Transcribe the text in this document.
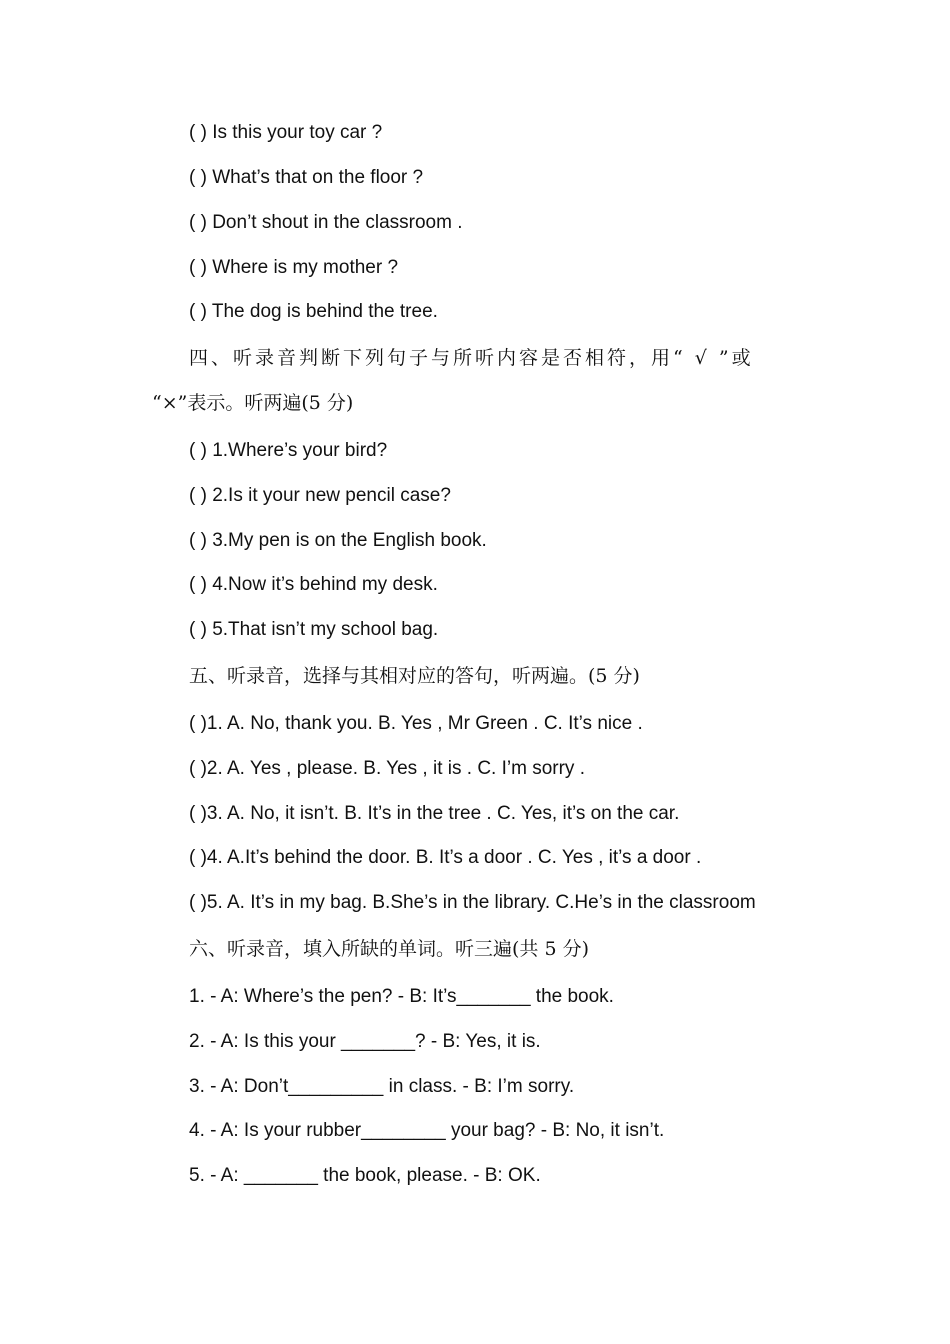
( ) Is this your toy car ?
( ) What’s that on the floor ?
( ) Don’t shout in the classroom .
( ) Where is my mother ?
( ) The dog is behind the tree.
四、听录音判断下列句子与所听内容是否相符，用“ √ ”或
“×”表示。听两遍(5 分)
( ) 1.Where’s your bird?
( ) 2.Is it your new pencil case?
( ) 3.My pen is on the English book.
( ) 4.Now it’s behind my desk.
( ) 5.That isn’t my school bag.
五、听录音，选择与其相对应的答句，听两遍。(5 分)
( )1. A. No, thank you. B. Yes , Mr Green . C. It’s nice .
( )2. A. Yes , please. B. Yes , it is . C. I’m sorry .
( )3. A. No, it isn’t. B. It’s in the tree . C. Yes, it’s on the car.
( )4. A.It’s behind the door. B. It’s a door . C. Yes , it’s a door .
( )5. A. It’s in my bag. B.She’s in the library. C.He’s in the classroom
六、听录音，填入所缺的单词。听三遍(共 5 分)
1. - A: Where’s the pen? - B: It’s_______ the book.
2. - A: Is this your _______? - B: Yes, it is.
3. - A: Don’t_________ in class. - B: I’m sorry.
4. - A: Is your rubber________ your bag? - B: No, it isn’t.
5. - A: _______ the book, please. - B: OK.
